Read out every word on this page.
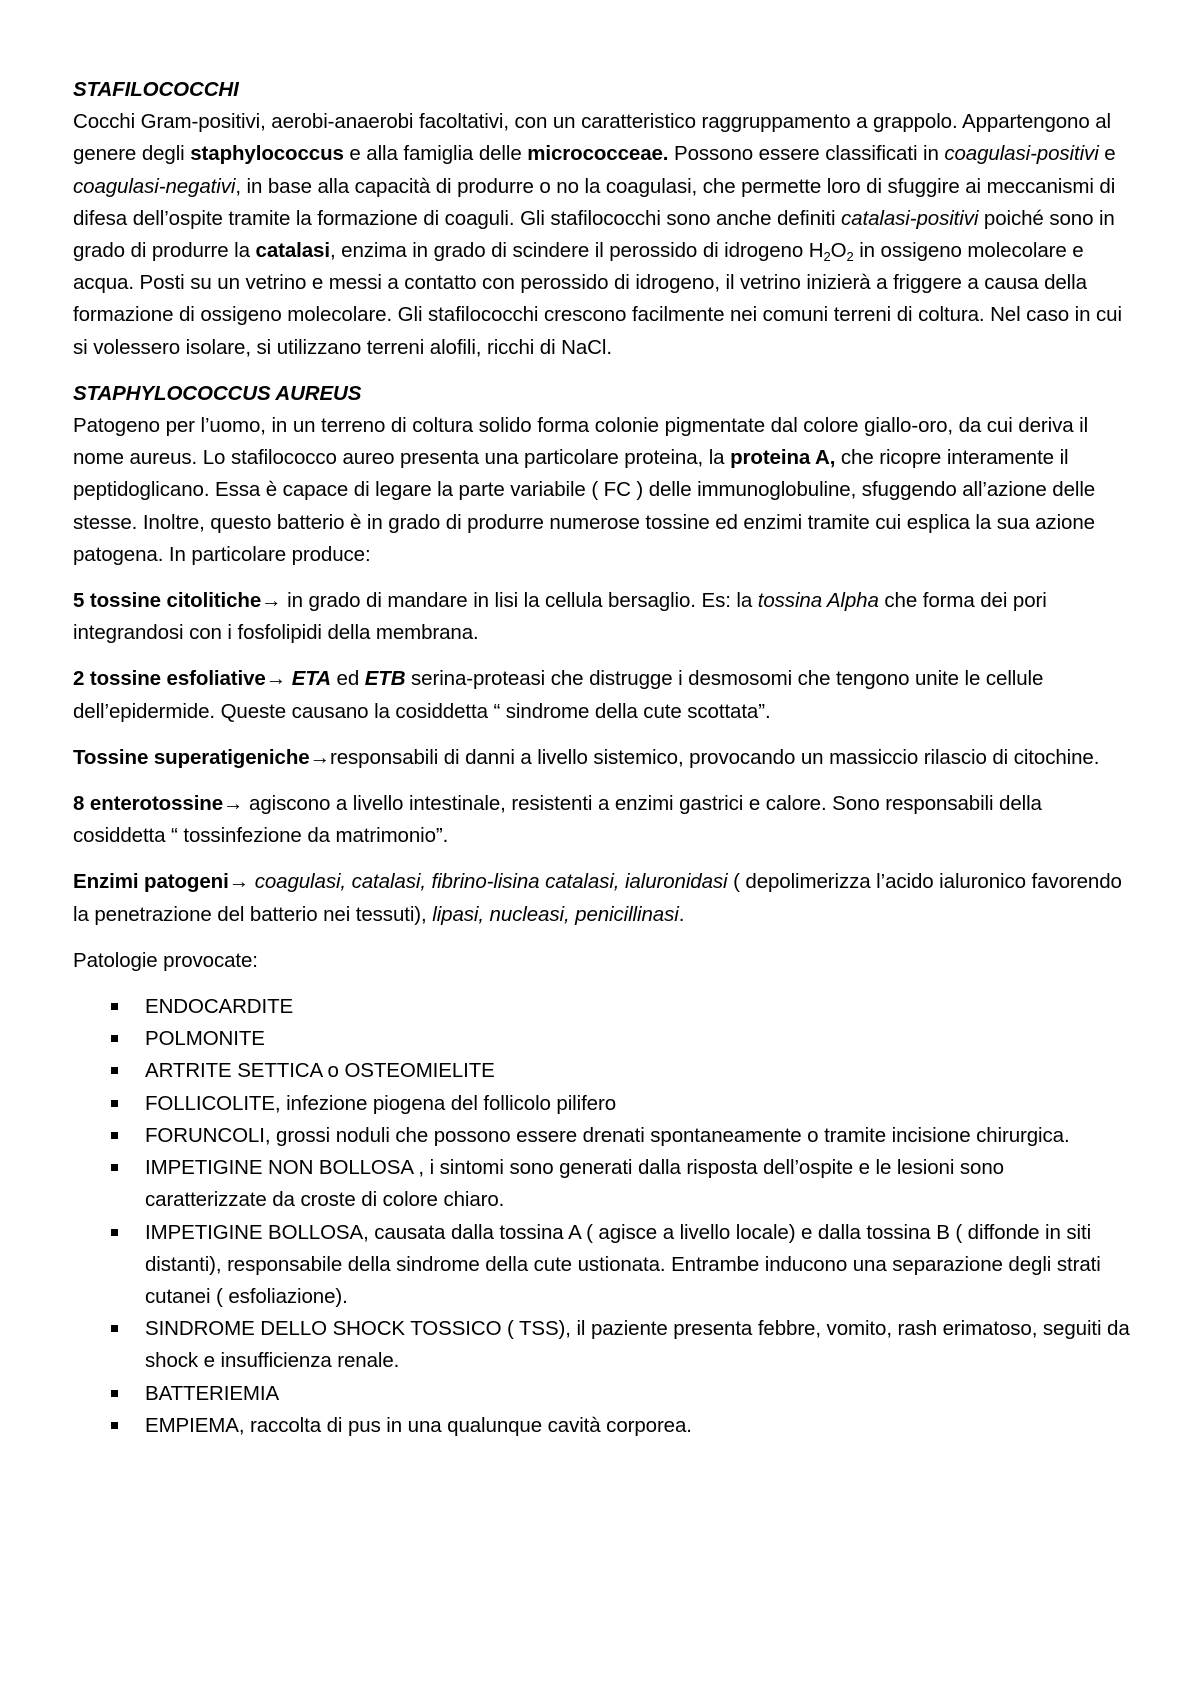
STAFILOCOCCHI

Cocchi Gram-positivi, aerobi-anaerobi facoltativi, con un caratteristico raggruppamento a grappolo. Appartengono al genere degli staphylococcus e alla famiglia delle micrococceae. Possono essere classificati in coagulasi-positivi e coagulasi-negativi, in base alla capacità di produrre o no la coagulasi, che permette loro di sfuggire ai meccanismi di difesa dell’ospite tramite la formazione di coaguli. Gli stafilococchi sono anche definiti catalasi-positivi poiché sono in grado di produrre la catalasi, enzima in grado di scindere il perossido di idrogeno $H_2O_2$ in ossigeno molecolare e acqua. Posti su un vetrino e messi a contatto con perossido di idrogeno, il vetrino inizierà a friggere a causa della formazione di ossigeno molecolare. Gli stafilococchi crescono facilmente nei comuni terreni di coltura. Nel caso in cui si volessero isolare, si utilizzano terreni alofili, ricchi di NaCl.

STAPHYLOCOCCUS AUREUS

Patogeno per l’uomo, in un terreno di coltura solido forma colonie pigmentate dal colore giallo-oro, da cui deriva il nome aureus. Lo stafilococco aureo presenta una particolare proteina, la proteina A, che ricopre interamente il peptidoglicano. Essa è capace di legare la parte variabile ( FC ) delle immunoglobuline, sfuggendo all’azione delle stesse. Inoltre, questo batterio è in grado di produrre numerose tossine ed enzimi tramite cui esplica la sua azione patogena. In particolare produce:

5 tossine citolitiche→ in grado di mandare in lisi la cellula bersaglio. Es: la tossina Alpha che forma dei pori integrandosi con i fosfolipidi della membrana.

2 tossine esfoliative→ ETA ed ETB serina-proteasi che distrugge i desmosomi che tengono unite le cellule dell’epidermide. Queste causano la cosiddetta “ sindrome della cute scottata”.

Tossine superatigeniche→responsabili di danni a livello sistemico, provocando un massiccio rilascio di citochine.

8 enterotossine→ agiscono a livello intestinale, resistenti a enzimi gastrici e calore. Sono responsabili della cosiddetta “ tossinfezione da matrimonio”.

Enzimi patogeni→ coagulasi, catalasi, fibrino-lisina catalasi, ialuronidasi ( depolimerizza l’acido ialuronico favorendo la penetrazione del batterio nei tessuti), lipasi, nucleasi, penicillinasi.

Patologie provocate:

ENDOCARDITE
POLMONITE
ARTRITE SETTICA o OSTEOMIELITE
FOLLICOLITE, infezione piogena del follicolo pilifero
FORUNCOLI, grossi noduli che possono essere drenati spontaneamente o tramite incisione chirurgica.
IMPETIGINE NON BOLLOSA , i sintomi sono generati dalla risposta dell’ospite e le lesioni sono caratterizzate da croste di colore chiaro.
IMPETIGINE BOLLOSA, causata dalla tossina A ( agisce a livello locale) e dalla tossina B ( diffonde in siti distanti), responsabile della sindrome della cute ustionata. Entrambe inducono una separazione degli strati cutanei ( esfoliazione).
SINDROME DELLO SHOCK TOSSICO ( TSS), il paziente presenta febbre, vomito, rash erimatoso, seguiti da shock e insufficienza renale.
BATTERIEMIA
EMPIEMA, raccolta di pus in una qualunque cavità corporea.
